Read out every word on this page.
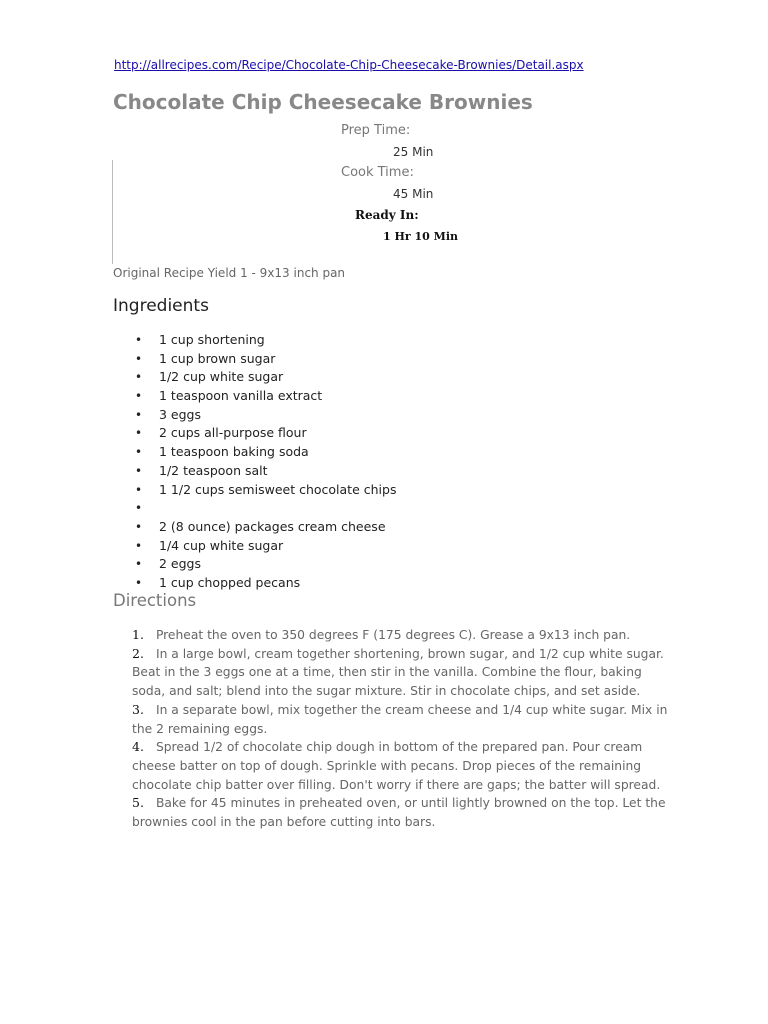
http://allrecipes.com/Recipe/Chocolate-Chip-Cheesecake-Brownies/Detail.aspx
Chocolate Chip Cheesecake Brownies
Prep Time:
25 Min
Cook Time:
45 Min
Ready In:
1 Hr 10 Min
Original Recipe Yield 1 - 9x13 inch pan
Ingredients
• 1 cup shortening
• 1 cup brown sugar
• 1/2 cup white sugar
• 1 teaspoon vanilla extract
• 3 eggs
• 2 cups all-purpose flour
• 1 teaspoon baking soda
• 1/2 teaspoon salt
• 1 1/2 cups semisweet chocolate chips
•
• 2 (8 ounce) packages cream cheese
• 1/4 cup white sugar
• 2 eggs
• 1 cup chopped pecans
Directions
1. Preheat the oven to 350 degrees F (175 degrees C). Grease a 9x13 inch pan.
2. In a large bowl, cream together shortening, brown sugar, and 1/2 cup white sugar. Beat in the 3 eggs one at a time, then stir in the vanilla. Combine the flour, baking soda, and salt; blend into the sugar mixture. Stir in chocolate chips, and set aside.
3. In a separate bowl, mix together the cream cheese and 1/4 cup white sugar. Mix in the 2 remaining eggs.
4. Spread 1/2 of chocolate chip dough in bottom of the prepared pan. Pour cream cheese batter on top of dough. Sprinkle with pecans. Drop pieces of the remaining chocolate chip batter over filling. Don't worry if there are gaps; the batter will spread.
5. Bake for 45 minutes in preheated oven, or until lightly browned on the top. Let the brownies cool in the pan before cutting into bars.
